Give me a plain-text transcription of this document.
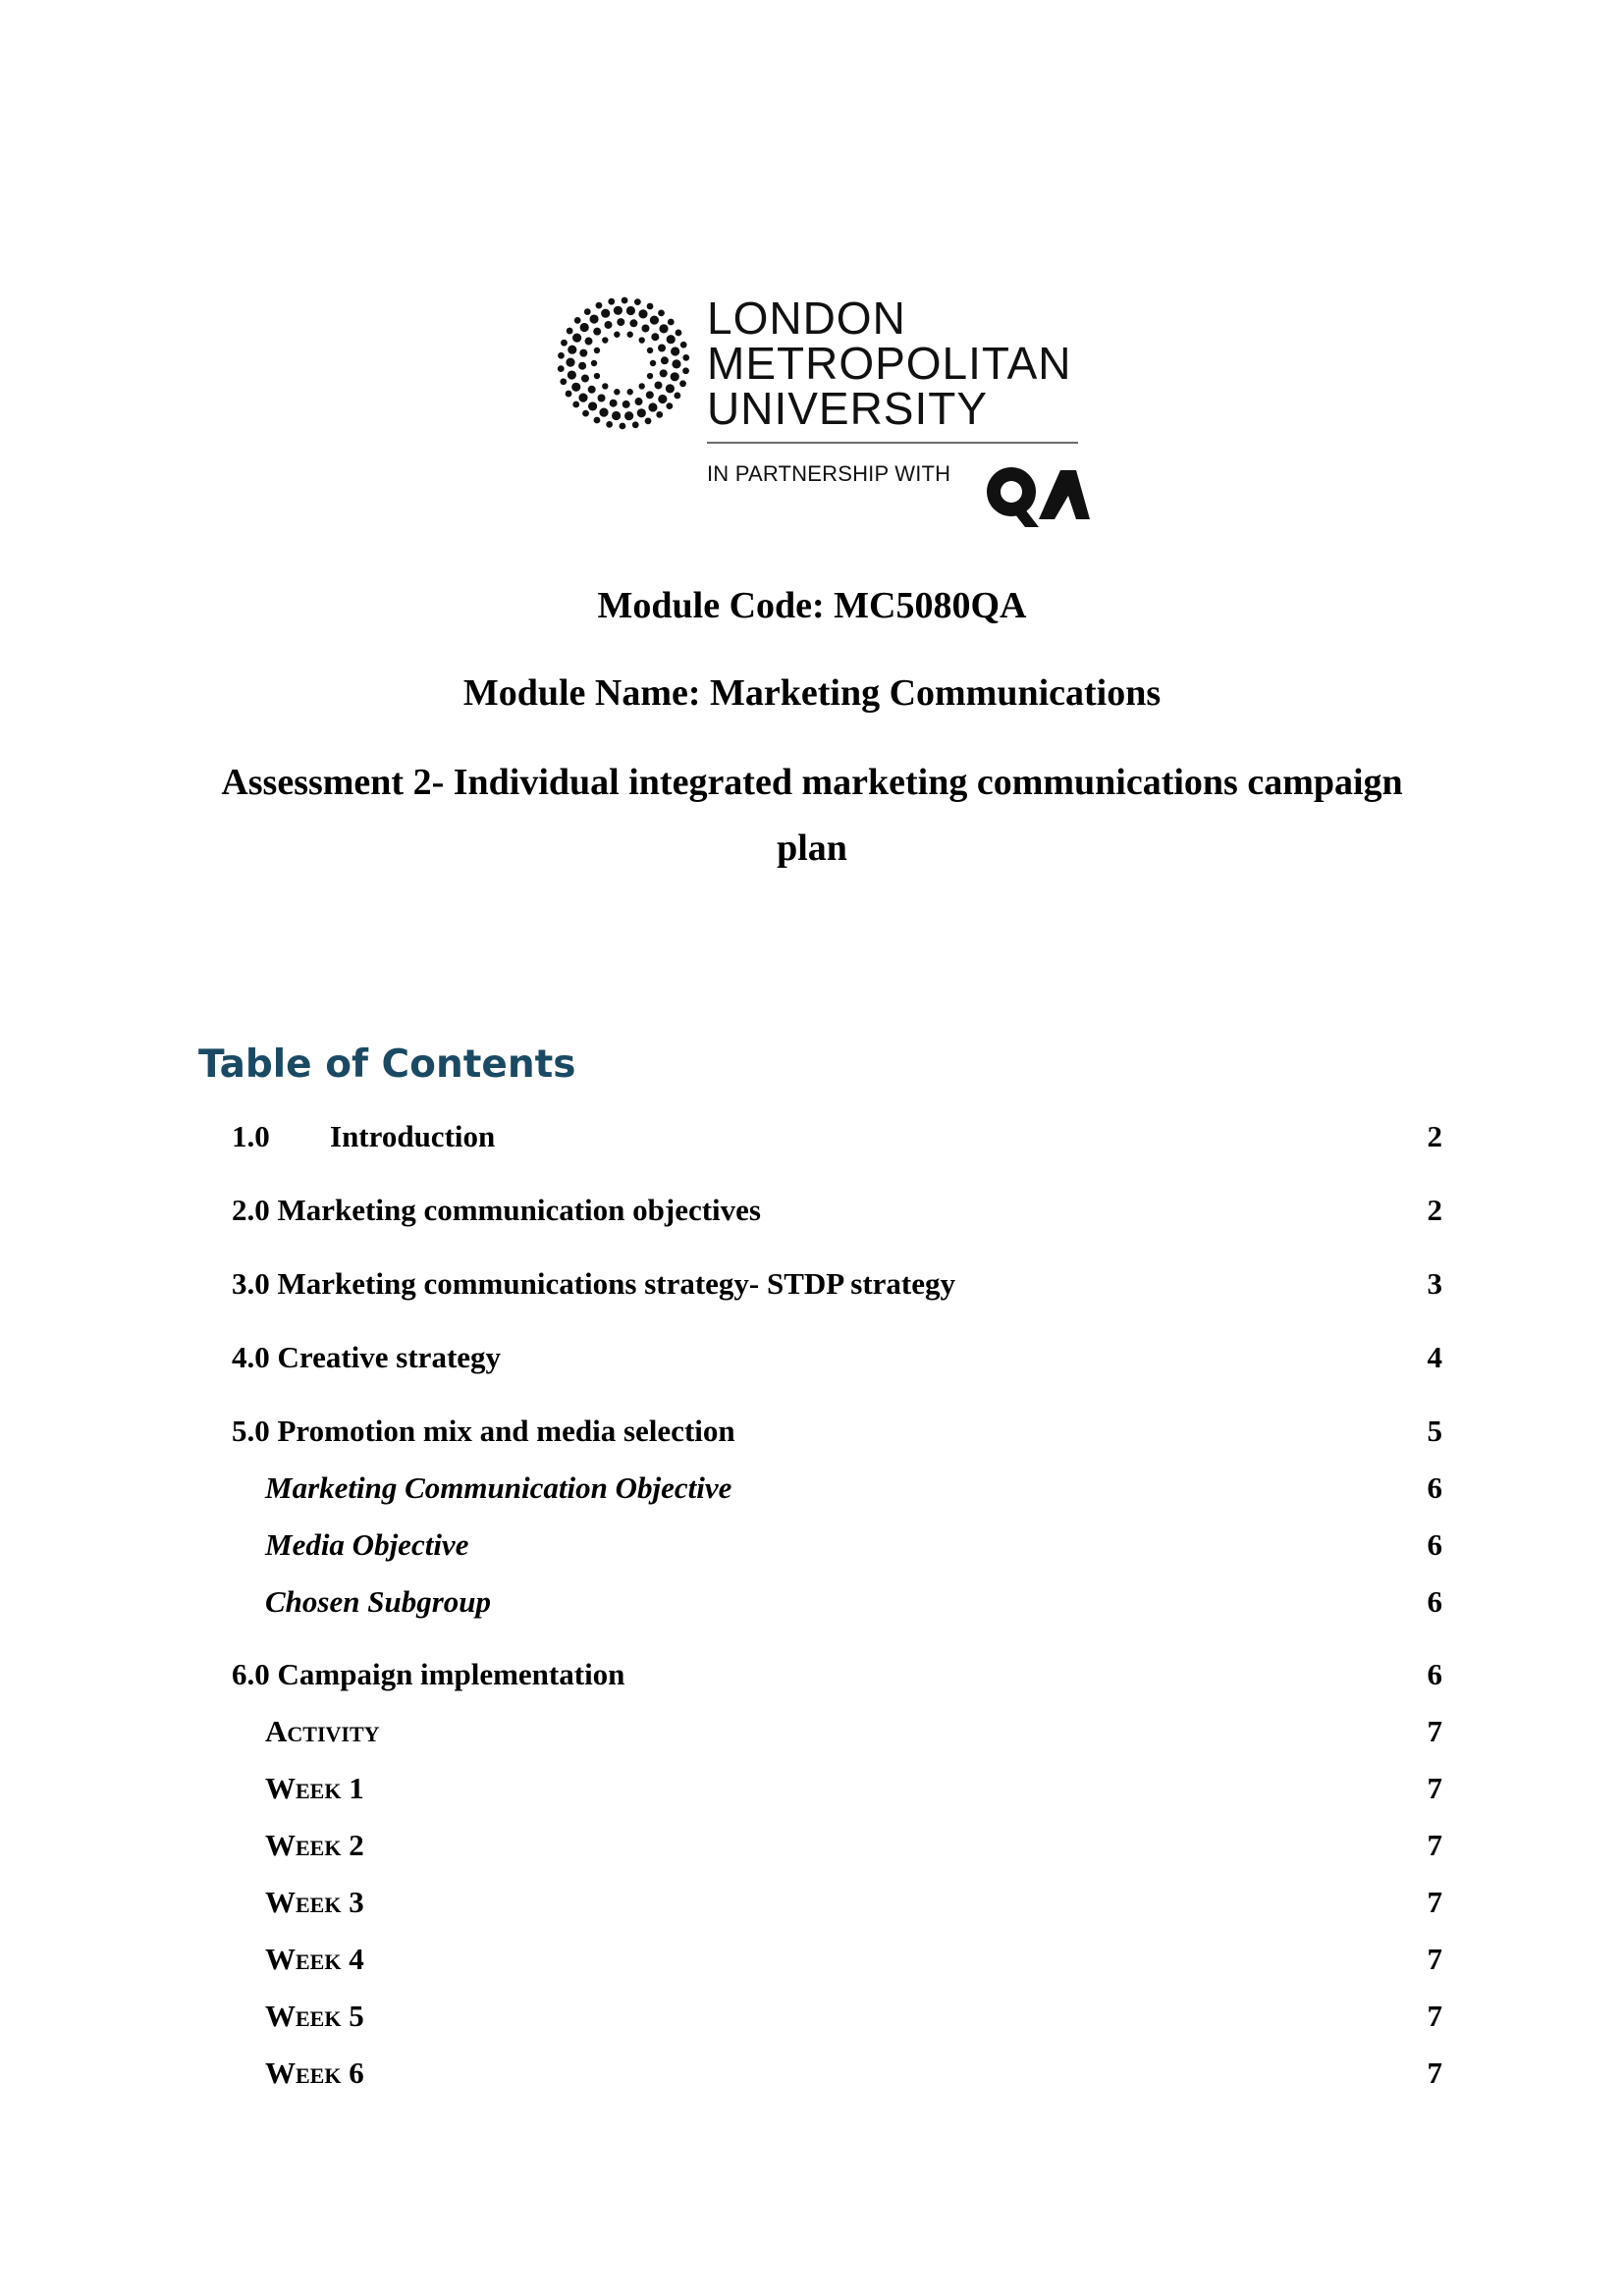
LONDON
METROPOLITAN
UNIVERSITY
IN PARTNERSHIP WITH
Module Code: MC5080QA
Module Name: Marketing Communications
Assessment 2- Individual integrated marketing communications campaign
plan
Table of Contents
1.0 Introduction	2
2.0 Marketing communication objectives	2
3.0 Marketing communications strategy- STDP strategy	3
4.0 Creative strategy	4
5.0 Promotion mix and media selection	5
Marketing Communication Objective	6
Media Objective	6
Chosen Subgroup	6
6.0 Campaign implementation	6
Activity	7
Week 1	7
Week 2	7
Week 3	7
Week 4	7
Week 5	7
Week 6	7
